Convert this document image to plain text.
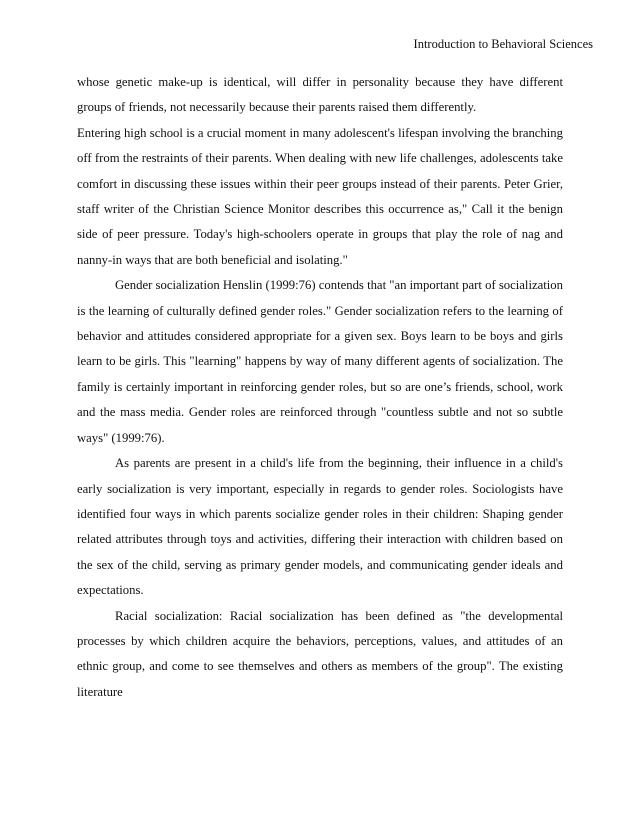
Introduction to Behavioral Sciences

whose genetic make-up is identical, will differ in personality because they have different groups of friends, not necessarily because their parents raised them differently.

Entering high school is a crucial moment in many adolescent's lifespan involving the branching off from the restraints of their parents. When dealing with new life challenges, adolescents take comfort in discussing these issues within their peer groups instead of their parents. Peter Grier, staff writer of the Christian Science Monitor describes this occurrence as," Call it the benign side of peer pressure. Today's high-schoolers operate in groups that play the role of nag and nanny-in ways that are both beneficial and isolating."

Gender socialization Henslin (1999:76) contends that "an important part of socialization is the learning of culturally defined gender roles." Gender socialization refers to the learning of behavior and attitudes considered appropriate for a given sex. Boys learn to be boys and girls learn to be girls. This "learning" happens by way of many different agents of socialization. The family is certainly important in reinforcing gender roles, but so are one’s friends, school, work and the mass media. Gender roles are reinforced through "countless subtle and not so subtle ways" (1999:76).

As parents are present in a child's life from the beginning, their influence in a child's early socialization is very important, especially in regards to gender roles. Sociologists have identified four ways in which parents socialize gender roles in their children: Shaping gender related attributes through toys and activities, differing their interaction with children based on the sex of the child, serving as primary gender models, and communicating gender ideals and expectations.

Racial socialization: Racial socialization has been defined as "the developmental processes by which children acquire the behaviors, perceptions, values, and attitudes of an ethnic group, and come to see themselves and others as members of the group". The existing literature
